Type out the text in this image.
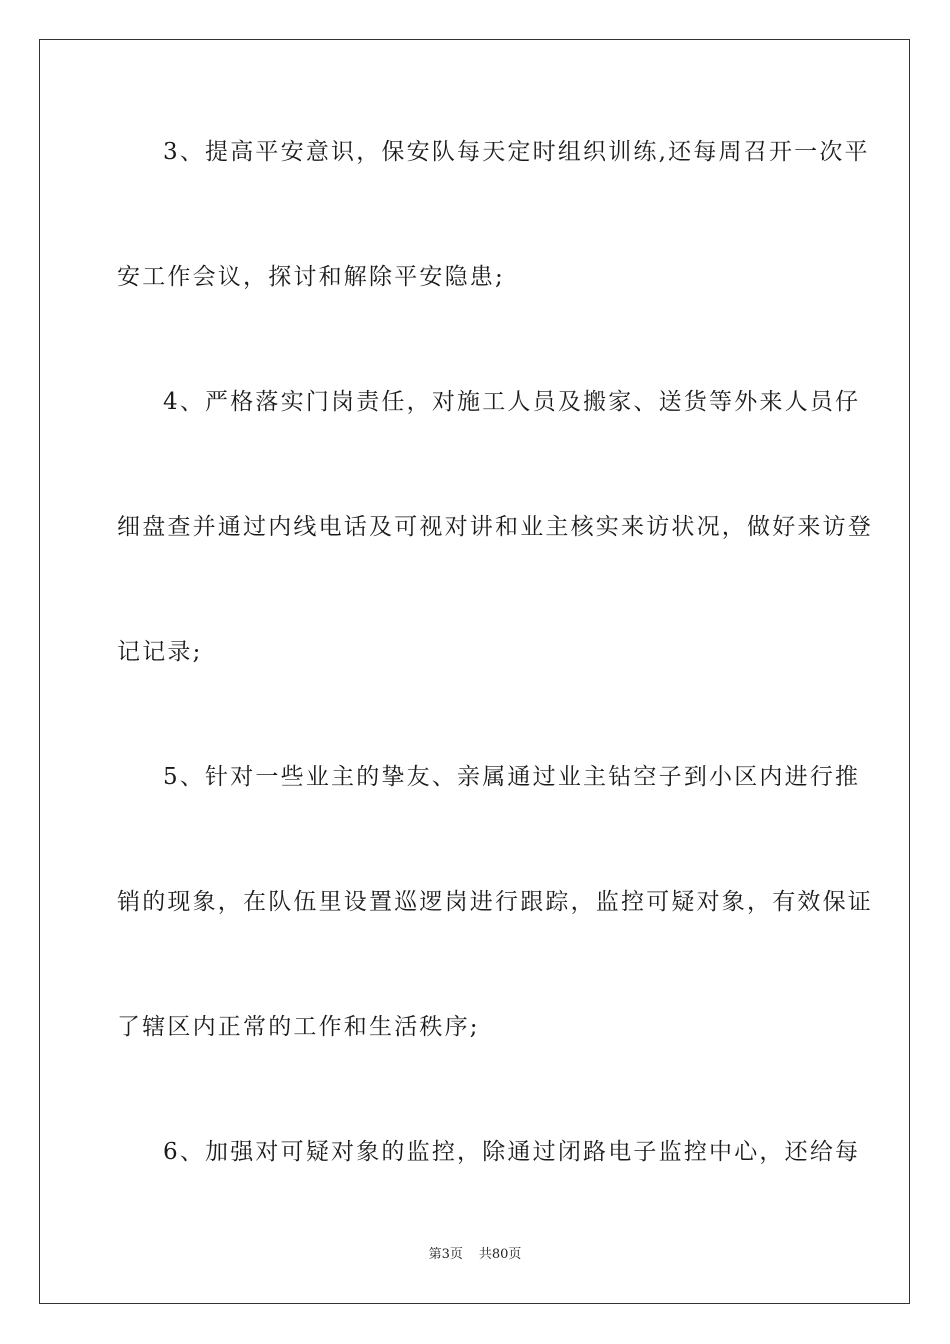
3、提高平安意识，保安队每天定时组织训练,还每周召开一次平
安工作会议，探讨和解除平安隐患;
4、严格落实门岗责任，对施工人员及搬家、送货等外来人员仔
细盘查并通过内线电话及可视对讲和业主核实来访状况，做好来访登
记记录;
5、针对一些业主的挚友、亲属通过业主钻空子到小区内进行推
销的现象，在队伍里设置巡逻岗进行跟踪，监控可疑对象，有效保证
了辖区内正常的工作和生活秩序;
6、加强对可疑对象的监控，除通过闭路电子监控中心，还给每
第3页 共80页
